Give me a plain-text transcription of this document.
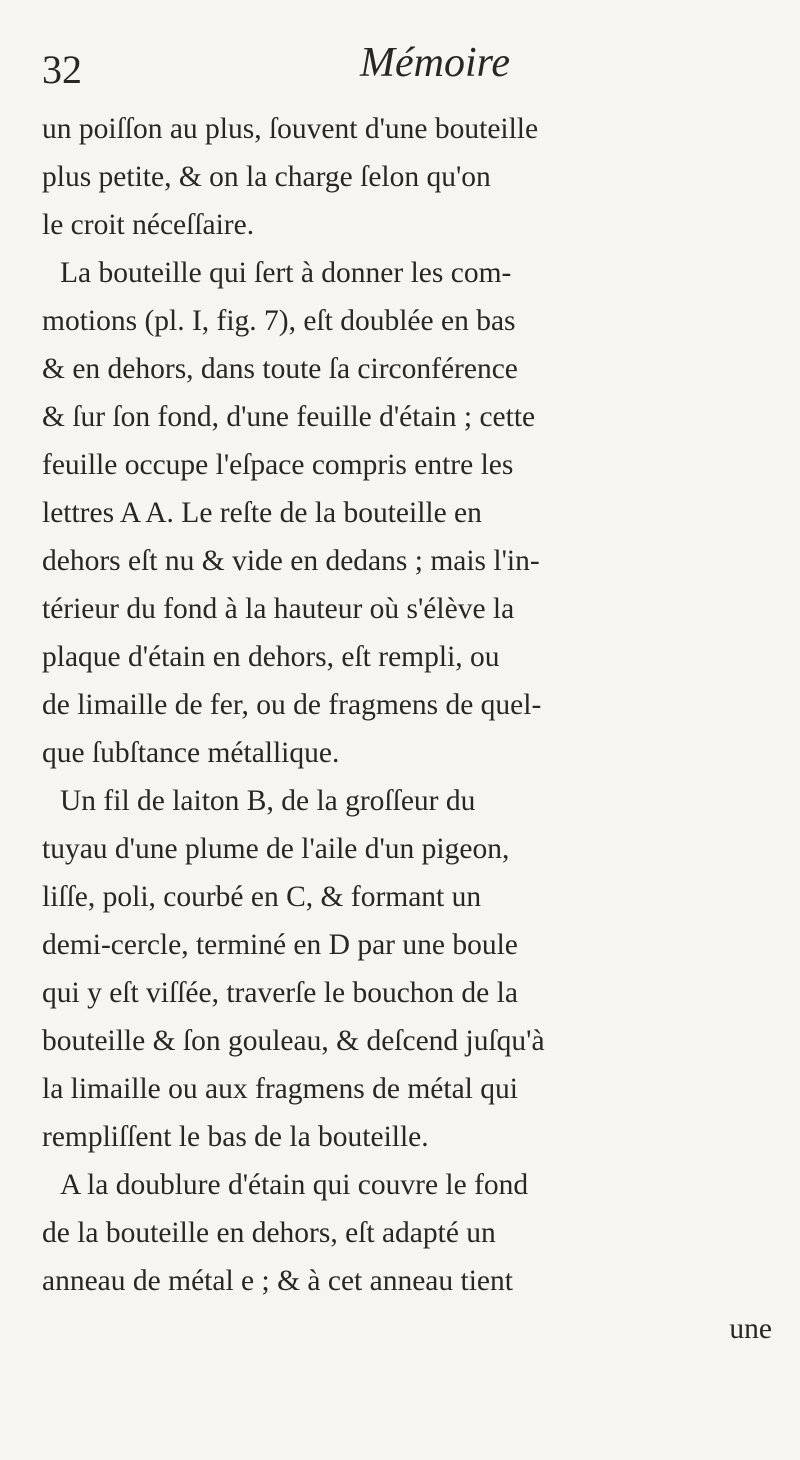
32	Mémoire
un poiſſon au plus, ſouvent d'une bouteille
plus petite, & on la charge ſelon qu'on
le croit néceſſaire.
La bouteille qui ſert à donner les com-
motions (pl. I, fig. 7), eſt doublée en bas
& en dehors, dans toute ſa circonférence
& ſur ſon fond, d'une feuille d'étain ; cette
feuille occupe l'eſpace compris entre les
lettres A A. Le reſte de la bouteille en
dehors eſt nu & vide en dedans ; mais l'in-
térieur du fond à la hauteur où s'élève la
plaque d'étain en dehors, eſt rempli, ou
de limaille de fer, ou de fragmens de quel-
que ſubſtance métallique.
Un fil de laiton B, de la groſſeur du
tuyau d'une plume de l'aile d'un pigeon,
liſſe, poli, courbé en C, & formant un
demi-cercle, terminé en D par une boule
qui y eſt viſſée, traverſe le bouchon de la
bouteille & ſon gouleau, & deſcend juſqu'à
la limaille ou aux fragmens de métal qui
rempliſſent le bas de la bouteille.
A la doublure d'étain qui couvre le fond
de la bouteille en dehors, eſt adapté un
anneau de métal e ; & à cet anneau tient
une
